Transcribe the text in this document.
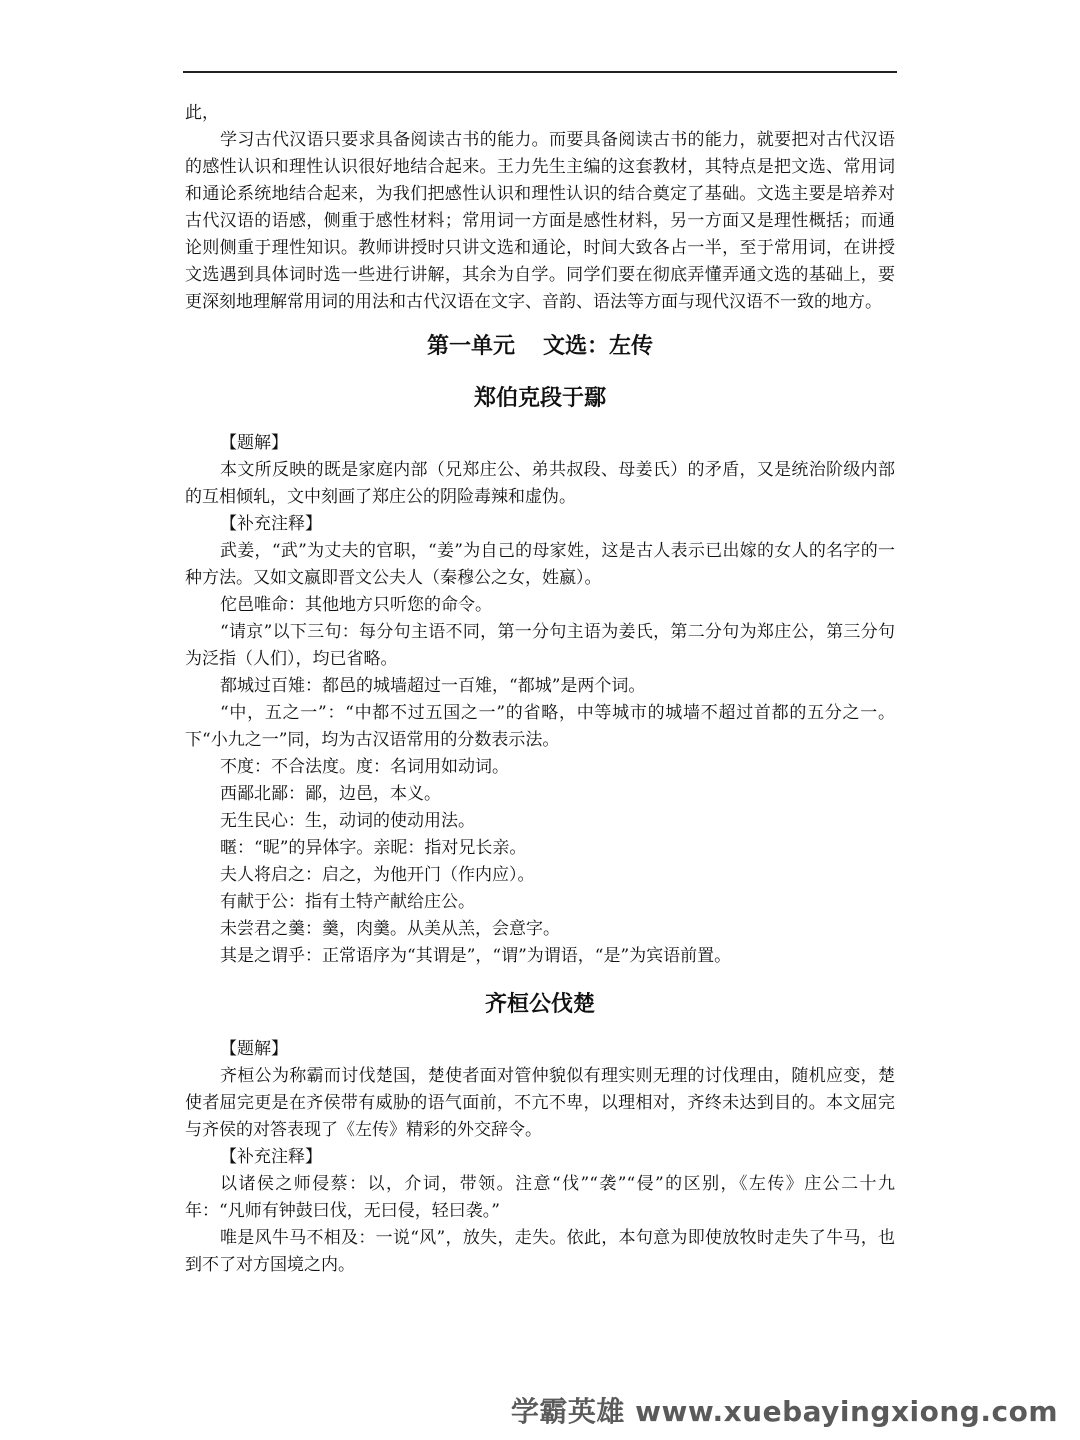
此，

学习古代汉语只要求具备阅读古书的能力。而要具备阅读古书的能力，就要把对古代汉语的感性认识和理性认识很好地结合起来。王力先生主编的这套教材，其特点是把文选、常用词和通论系统地结合起来，为我们把感性认识和理性认识的结合奠定了基础。文选主要是培养对古代汉语的语感，侧重于感性材料；常用词一方面是感性材料，另一方面又是理性概括；而通论则侧重于理性知识。教师讲授时只讲文选和通论，时间大致各占一半，至于常用词，在讲授文选遇到具体词时选一些进行讲解，其余为自学。同学们要在彻底弄懂弄通文选的基础上，要更深刻地理解常用词的用法和古代汉语在文字、音韵、语法等方面与现代汉语不一致的地方。

第一单元 文选：左传
郑伯克段于鄢

【题解】

本文所反映的既是家庭内部（兄郑庄公、弟共叔段、母姜氏）的矛盾，又是统治阶级内部的互相倾轧，文中刻画了郑庄公的阴险毒辣和虚伪。

【补充注释】

武姜，“武”为丈夫的官职，“姜”为自己的母家姓，这是古人表示已出嫁的女人的名字的一种方法。又如文嬴即晋文公夫人（秦穆公之女，姓嬴）。

佗邑唯命：其他地方只听您的命令。

“请京”以下三句：每分句主语不同，第一分句主语为姜氏，第二分句为郑庄公，第三分句为泛指（人们），均已省略。

都城过百雉：都邑的城墙超过一百雉，“都城”是两个词。

“中，五之一”：“中都不过五国之一”的省略，中等城市的城墙不超过首都的五分之一。下“小九之一”同，均为古汉语常用的分数表示法。

不度：不合法度。度：名词用如动词。

西鄙北鄙：鄙，边邑，本义。

无生民心：生，动词的使动用法。

暱：“昵”的异体字。亲昵：指对兄长亲。

夫人将启之：启之，为他开门（作内应）。

有献于公：指有土特产献给庄公。

未尝君之羹：羹，肉羹。从美从羔，会意字。

其是之谓乎：正常语序为“其谓是”，“谓”为谓语，“是”为宾语前置。

齐桓公伐楚

【题解】

齐桓公为称霸而讨伐楚国，楚使者面对管仲貌似有理实则无理的讨伐理由，随机应变，楚使者屈完更是在齐侯带有威胁的语气面前，不亢不卑，以理相对，齐终未达到目的。本文屈完与齐侯的对答表现了《左传》精彩的外交辞令。

【补充注释】

以诸侯之师侵蔡：以，介词，带领。注意“伐”“袭”“侵”的区别，《左传》庄公二十九年：“凡师有钟鼓曰伐，无曰侵，轻曰袭。”

唯是风牛马不相及：一说“风”，放失，走失。依此，本句意为即使放牧时走失了牛马，也到不了对方国境之内。

学霸英雄 www.xuebayingxiong.com
